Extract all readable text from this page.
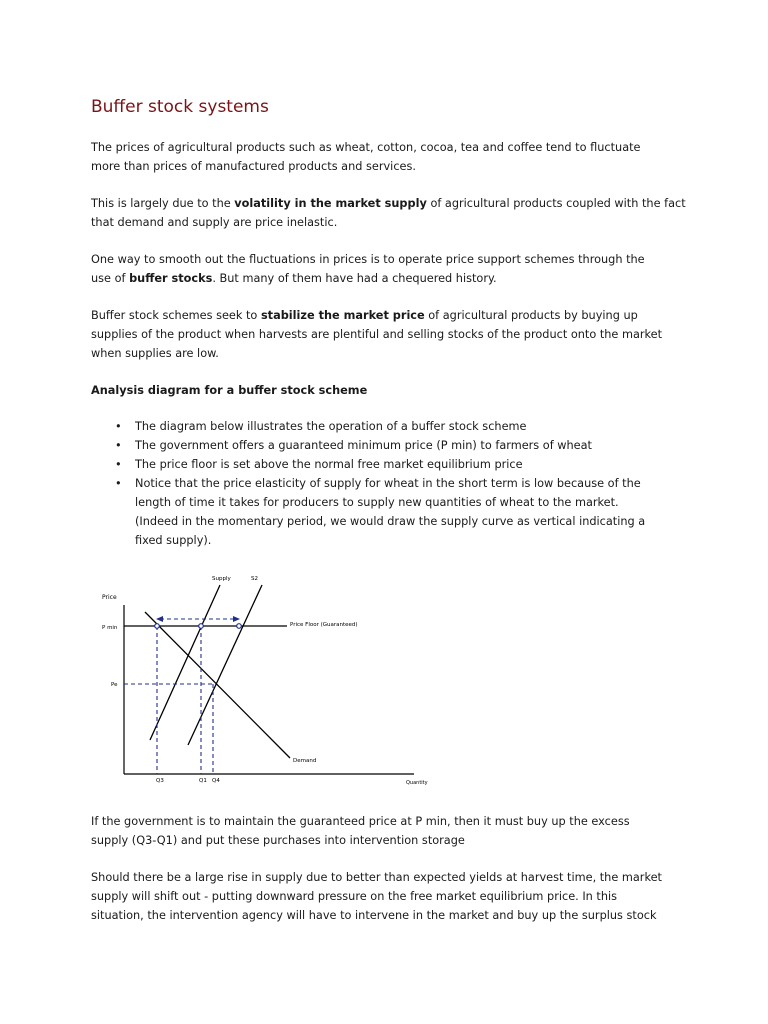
Buffer stock systems

The prices of agricultural products such as wheat, cotton, cocoa, tea and coffee tend to fluctuate
more than prices of manufactured products and services.

This is largely due to the volatility in the market supply of agricultural products coupled with the fact
that demand and supply are price inelastic.

One way to smooth out the fluctuations in prices is to operate price support schemes through the
use of buffer stocks. But many of them have had a chequered history.

Buffer stock schemes seek to stabilize the market price of agricultural products by buying up
supplies of the product when harvests are plentiful and selling stocks of the product onto the market
when supplies are low.

Analysis diagram for a buffer stock scheme
• The diagram below illustrates the operation of a buffer stock scheme
• The government offers a guaranteed minimum price (P min) to farmers of wheat
• The price floor is set above the normal free market equilibrium price
• Notice that the price elasticity of supply for wheat in the short term is low because of the
length of time it takes for producers to supply new quantities of wheat to the market.
(Indeed in the momentary period, we would draw the supply curve as vertical indicating a
fixed supply).

If the government is to maintain the guaranteed price at P min, then it must buy up the excess
supply (Q3-Q1) and put these purchases into intervention storage

Should there be a large rise in supply due to better than expected yields at harvest time, the market
supply will shift out - putting downward pressure on the free market equilibrium price. In this
situation, the intervention agency will have to intervene in the market and buy up the surplus stock

Price
P min
Pe
Supply	S2
Price Floor (Guaranteed)
Demand
Q3	Q1 Q4	Quantity
